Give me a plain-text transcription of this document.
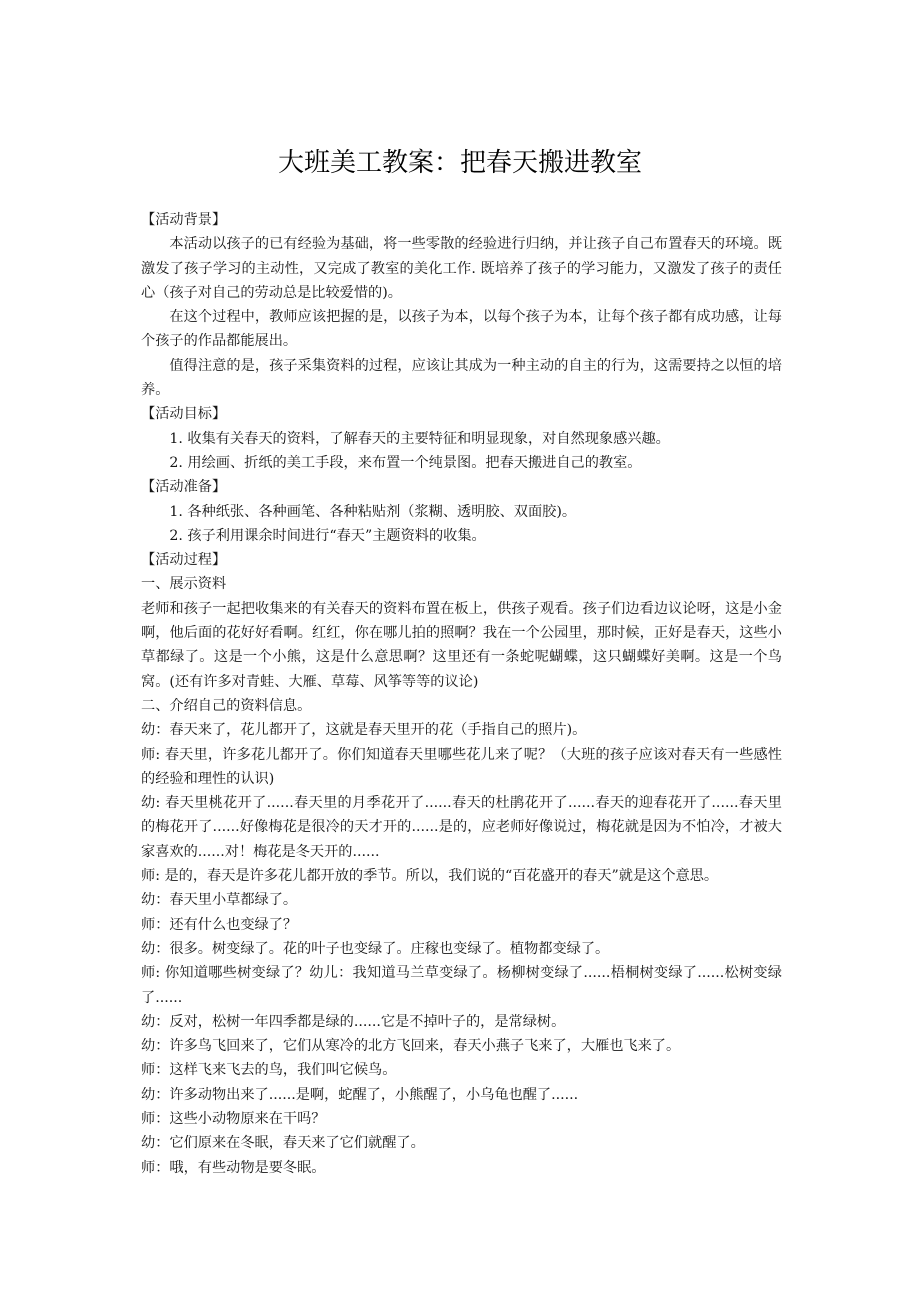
大班美工教案：把春天搬进教室

【活动背景】

本活动以孩子的已有经验为基础，将一些零散的经验进行归纳，并让孩子自己布置春天的环境。既激发了孩子学习的主动性，又完成了教室的美化工作. 既培养了孩子的学习能力，又激发了孩子的责任心（孩子对自己的劳动总是比较爱惜的)。

在这个过程中，教师应该把握的是，以孩子为本，以每个孩子为本，让每个孩子都有成功感，让每个孩子的作品都能展出。

值得注意的是，孩子采集资料的过程，应该让其成为一种主动的自主的行为，这需要持之以恒的培养。

【活动目标】

1. 收集有关春天的资料，了解春天的主要特征和明显现象，对自然现象感兴趣。

2. 用绘画、折纸的美工手段，来布置一个纯景图。把春天搬进自己的教室。

【活动准备】

1. 各种纸张、各种画笔、各种粘贴剂（浆糊、透明胶、双面胶)。

2. 孩子利用课余时间进行“春天”主题资料的收集。

【活动过程】

一、展示资料

老师和孩子一起把收集来的有关春天的资料布置在板上，供孩子观看。孩子们边看边议论呀，这是小金啊，他后面的花好好看啊。红红，你在哪儿拍的照啊？我在一个公园里，那时候，正好是春天，这些小草都绿了。这是一个小熊，这是什么意思啊？这里还有一条蛇呢蝴蝶，这只蝴蝶好美啊。这是一个鸟窝。(还有许多对青蛙、大雁、草莓、风筝等等的议论)

二、介绍自己的资料信息。

幼：春天来了，花儿都开了，这就是春天里开的花（手指自己的照片)。

师: 春天里，许多花儿都开了。你们知道春天里哪些花儿来了呢？（大班的孩子应该对春天有一些感性的经验和理性的认识)

幼: 春天里桃花开了......春天里的月季花开了......春天的杜鹃花开了......春天的迎春花开了......春天里的梅花开了......好像梅花是很冷的天才开的......是的，应老师好像说过，梅花就是因为不怕冷，才被大家喜欢的......对！梅花是冬天开的......

师: 是的，春天是许多花儿都开放的季节。所以，我们说的“百花盛开的春天”就是这个意思。

幼：春天里小草都绿了。

师：还有什么也变绿了？

幼：很多。树变绿了。花的叶子也变绿了。庄稼也变绿了。植物都变绿了。

师: 你知道哪些树变绿了？幼儿：我知道马兰草变绿了。杨柳树变绿了......梧桐树变绿了......松树变绿了......

幼：反对，松树一年四季都是绿的......它是不掉叶子的，是常绿树。

幼：许多鸟飞回来了，它们从寒冷的北方飞回来，春天小燕子飞来了，大雁也飞来了。

师：这样飞来飞去的鸟，我们叫它候鸟。

幼：许多动物出来了......是啊，蛇醒了，小熊醒了，小乌龟也醒了......

师：这些小动物原来在干吗？

幼：它们原来在冬眠，春天来了它们就醒了。

师：哦，有些动物是要冬眠。
